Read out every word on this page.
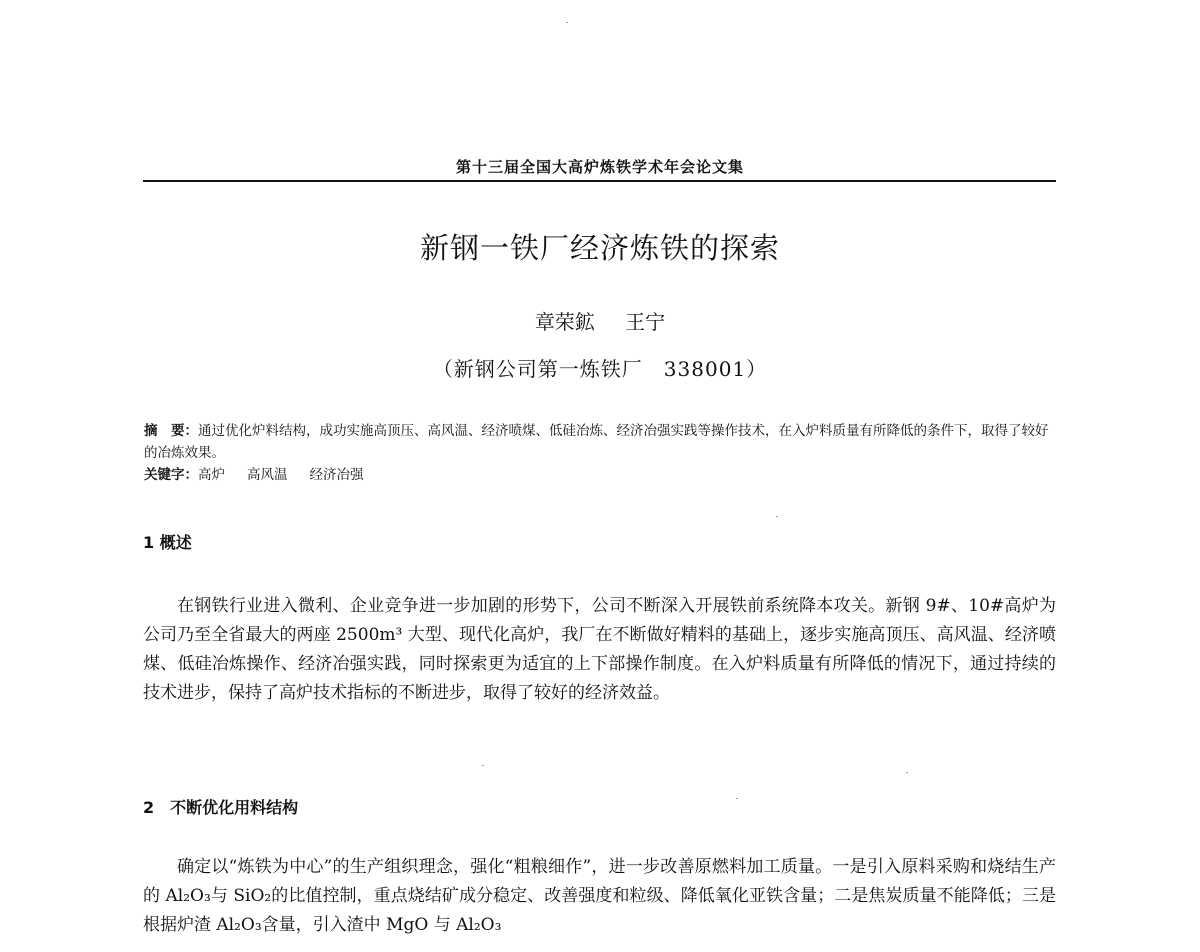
第十三届全国大高炉炼铁学术年会论文集
新钢一铁厂经济炼铁的探索
章荣鉱 王宁
（新钢公司第一炼铁厂　338001）
摘　要：通过优化炉料结构，成功实施高顶压、高风温、经济喷煤、低硅冶炼、经济冶强实践等操作技术，在入炉料质量有所降低的条件下，取得了较好的冶炼效果。
关键字：高炉 高风温 经济冶强
1 概述
在钢铁行业进入微利、企业竞争进一步加剧的形势下，公司不断深入开展铁前系统降本攻关。新钢 9#、10#高炉为公司乃至全省最大的两座 2500m³ 大型、现代化高炉，我厂在不断做好精料的基础上，逐步实施高顶压、高风温、经济喷煤、低硅冶炼操作、经济冶强实践，同时探索更为适宜的上下部操作制度。在入炉料质量有所降低的情况下，通过持续的技术进步，保持了高炉技术指标的不断进步，取得了较好的经济效益。
2　不断优化用料结构
确定以“炼铁为中心”的生产组织理念，强化“粗粮细作”，进一步改善原燃料加工质量。一是引入原料采购和烧结生产的 Al₂O₃与 SiO₂的比值控制，重点烧结矿成分稳定、改善强度和粒级、降低氧化亚铁含量；二是焦炭质量不能降低；三是根据炉渣 Al₂O₃含量，引入渣中 MgO 与 Al₂O₃
